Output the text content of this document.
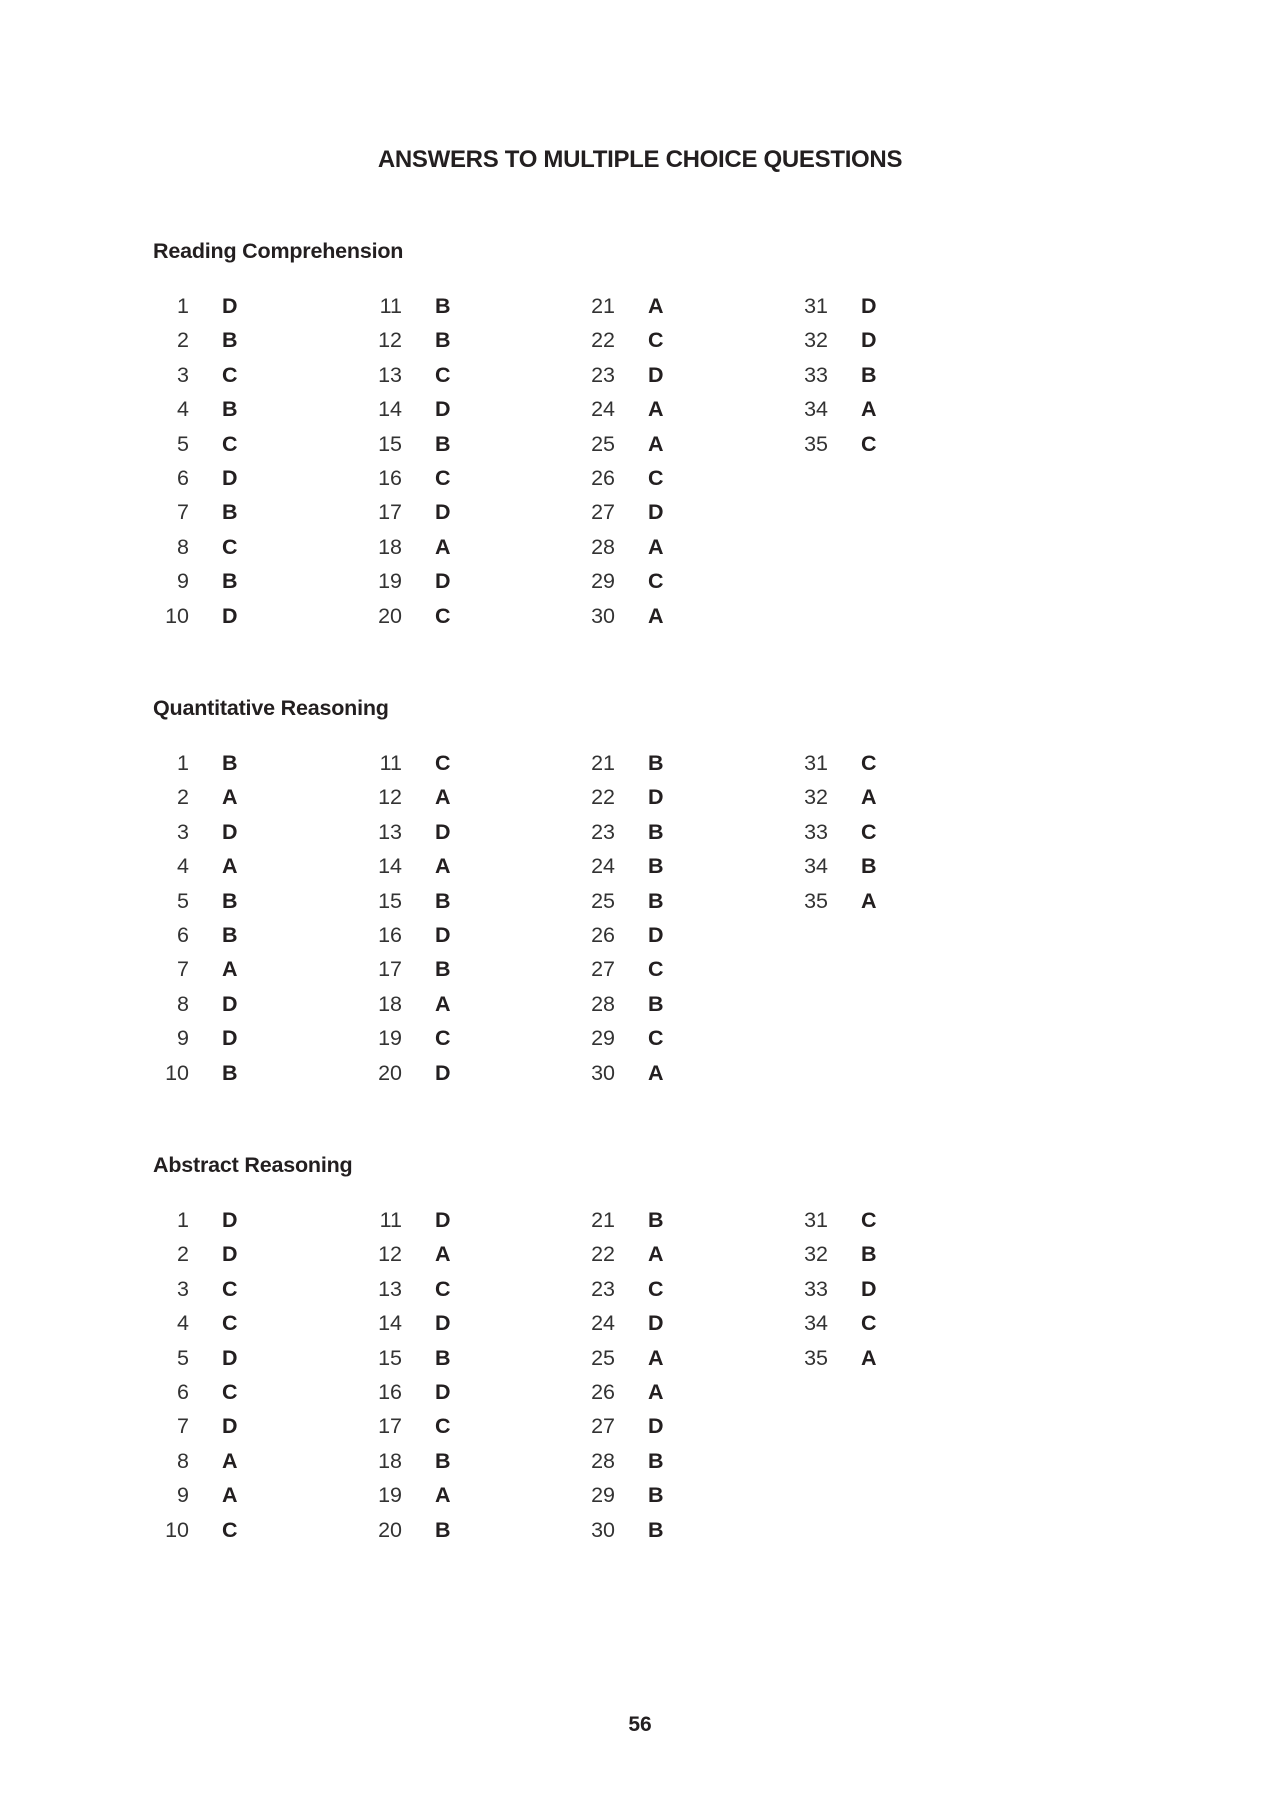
ANSWERS TO MULTIPLE CHOICE QUESTIONS
Reading Comprehension
1 D
2 B
3 C
4 B
5 C
6 D
7 B
8 C
9 B
10 D
11 B
12 B
13 C
14 D
15 B
16 C
17 D
18 A
19 D
20 C
21 A
22 C
23 D
24 A
25 A
26 C
27 D
28 A
29 C
30 A
31 D
32 D
33 B
34 A
35 C
Quantitative Reasoning
1 B
2 A
3 D
4 A
5 B
6 B
7 A
8 D
9 D
10 B
11 C
12 A
13 D
14 A
15 B
16 D
17 B
18 A
19 C
20 D
21 B
22 D
23 B
24 B
25 B
26 D
27 C
28 B
29 C
30 A
31 C
32 A
33 C
34 B
35 A
Abstract Reasoning
1 D
2 D
3 C
4 C
5 D
6 C
7 D
8 A
9 A
10 C
11 D
12 A
13 C
14 D
15 B
16 D
17 C
18 B
19 A
20 B
21 B
22 A
23 C
24 D
25 A
26 A
27 D
28 B
29 B
30 B
31 C
32 B
33 D
34 C
35 A
56
